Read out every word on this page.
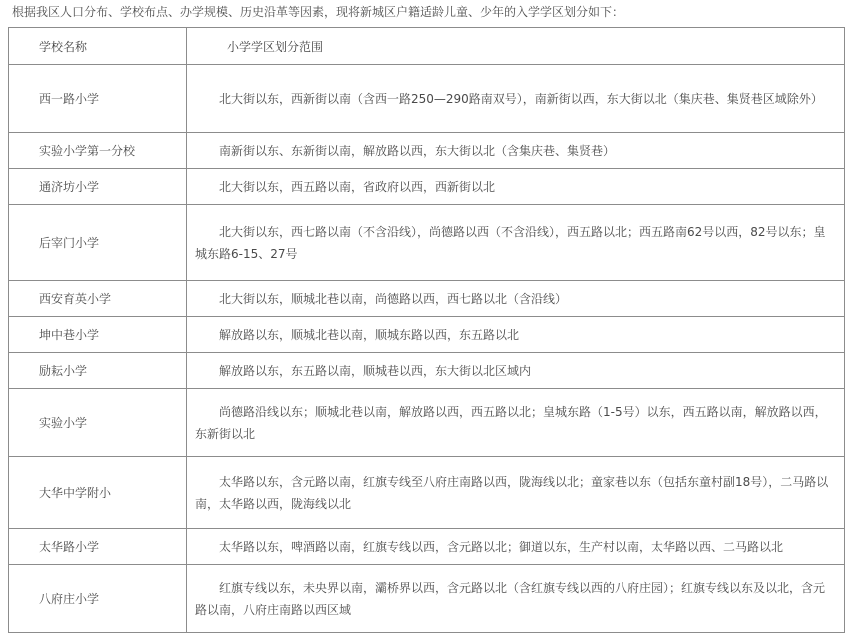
根据我区人口分布、学校布点、办学规模、历史沿革等因素，现将新城区户籍适龄儿童、少年的入学学区划分如下：
学校名称	小学学区划分范围
西一路小学	北大街以东，西新街以南（含西一路250—290路南双号），南新街以西，东大街以北（集庆巷、集贤巷区域除外）

实验小学第一分校	南新街以东、东新街以南，解放路以西，东大街以北（含集庆巷、集贤巷）

通济坊小学	北大街以东，西五路以南，省政府以西，西新街以北

后宰门小学	北大街以东，西七路以南（不含沿线），尚德路以西（不含沿线），西五路以北；西五路南62号以西，82号以东；皇城东路6-15、27号

西安育英小学	北大街以东，顺城北巷以南，尚德路以西，西七路以北（含沿线）

坤中巷小学	解放路以东，顺城北巷以南，顺城东路以西，东五路以北

励耘小学	解放路以东，东五路以南，顺城巷以西，东大街以北区域内

实验小学	尚德路沿线以东；顺城北巷以南，解放路以西，西五路以北；皇城东路（1-5号）以东，西五路以南，解放路以西，东新街以北

大华中学附小	太华路以东，含元路以南，红旗专线至八府庄南路以西，陇海线以北；童家巷以东（包括东童村副18号），二马路以南，太华路以西，陇海线以北

太华路小学	太华路以东，啤酒路以南，红旗专线以西，含元路以北；御道以东，生产村以南，太华路以西、二马路以北

八府庄小学	红旗专线以东，未央界以南，灞桥界以西，含元路以北（含红旗专线以西的八府庄园）；红旗专线以东及以北，含元路以南，八府庄南路以西区域
